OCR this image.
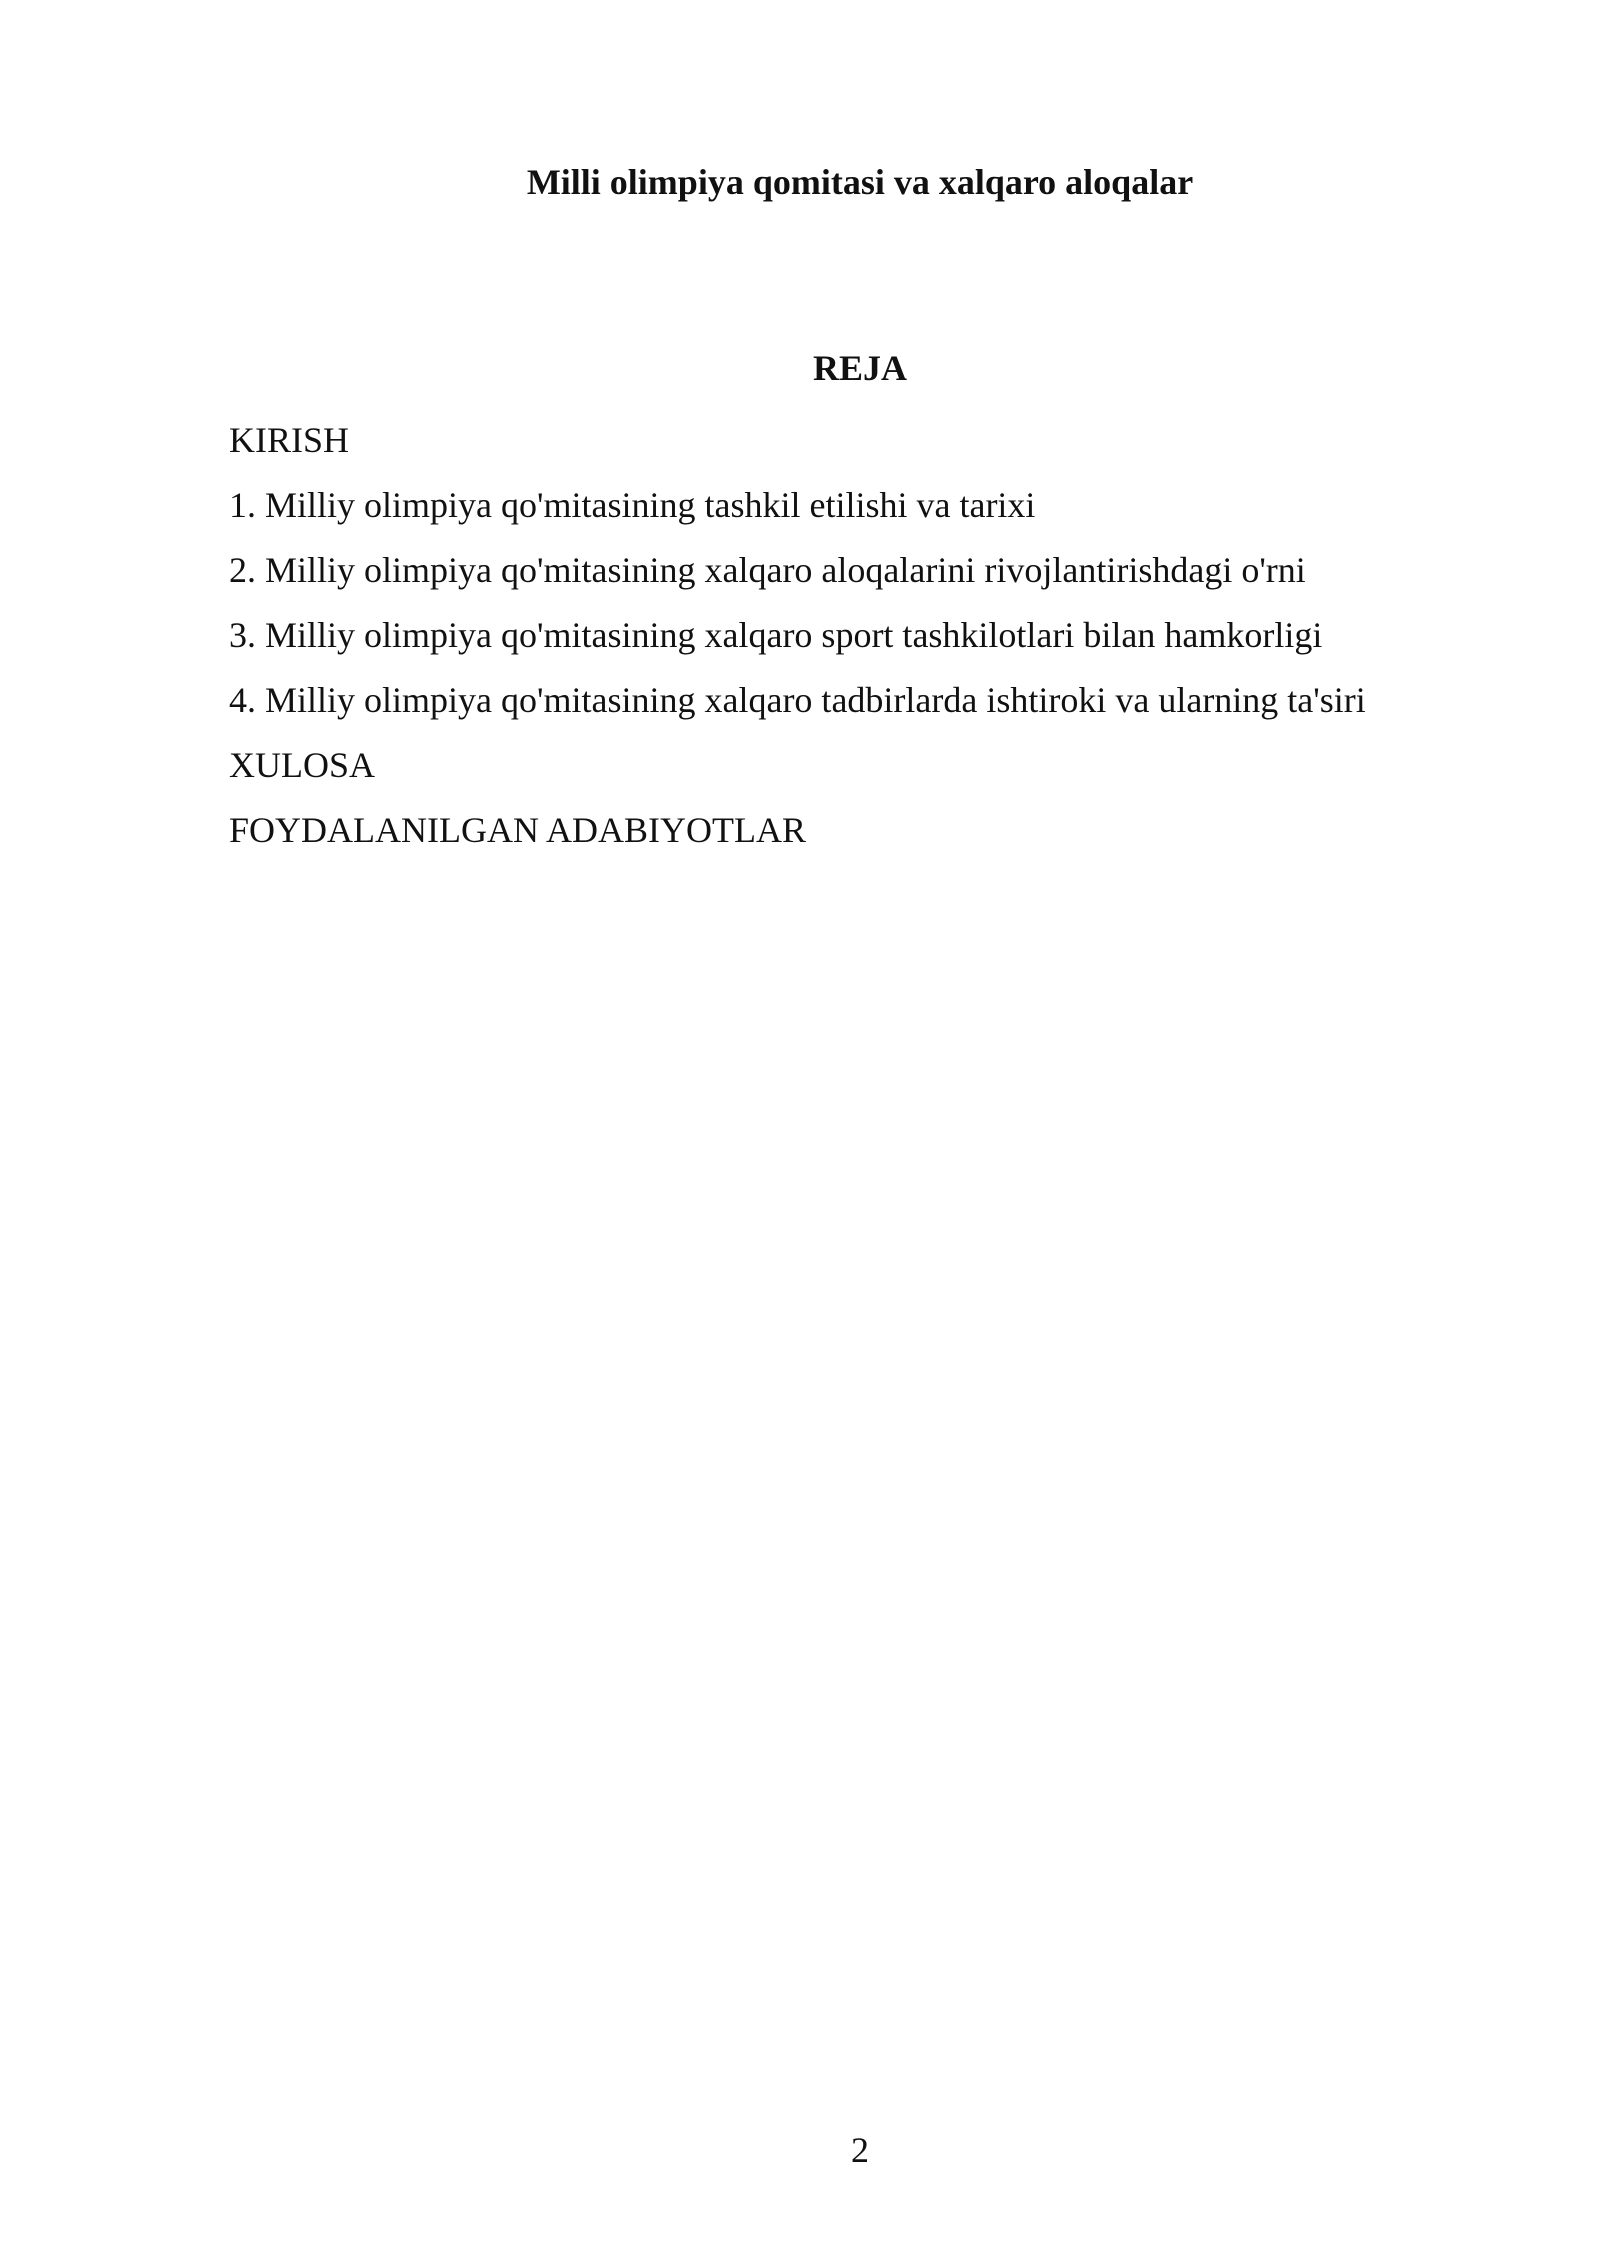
Milli olimpiya qomitasi va xalqaro aloqalar
REJA
KIRISH
1. Milliy olimpiya qo'mitasining tashkil etilishi va tarixi
2. Milliy olimpiya qo'mitasining xalqaro aloqalarini rivojlantirishdagi o'rni
3. Milliy olimpiya qo'mitasining xalqaro sport tashkilotlari bilan hamkorligi
4. Milliy olimpiya qo'mitasining xalqaro tadbirlarda ishtiroki va ularning ta'siri
XULOSA
FOYDALANILGAN ADABIYOTLAR
2
